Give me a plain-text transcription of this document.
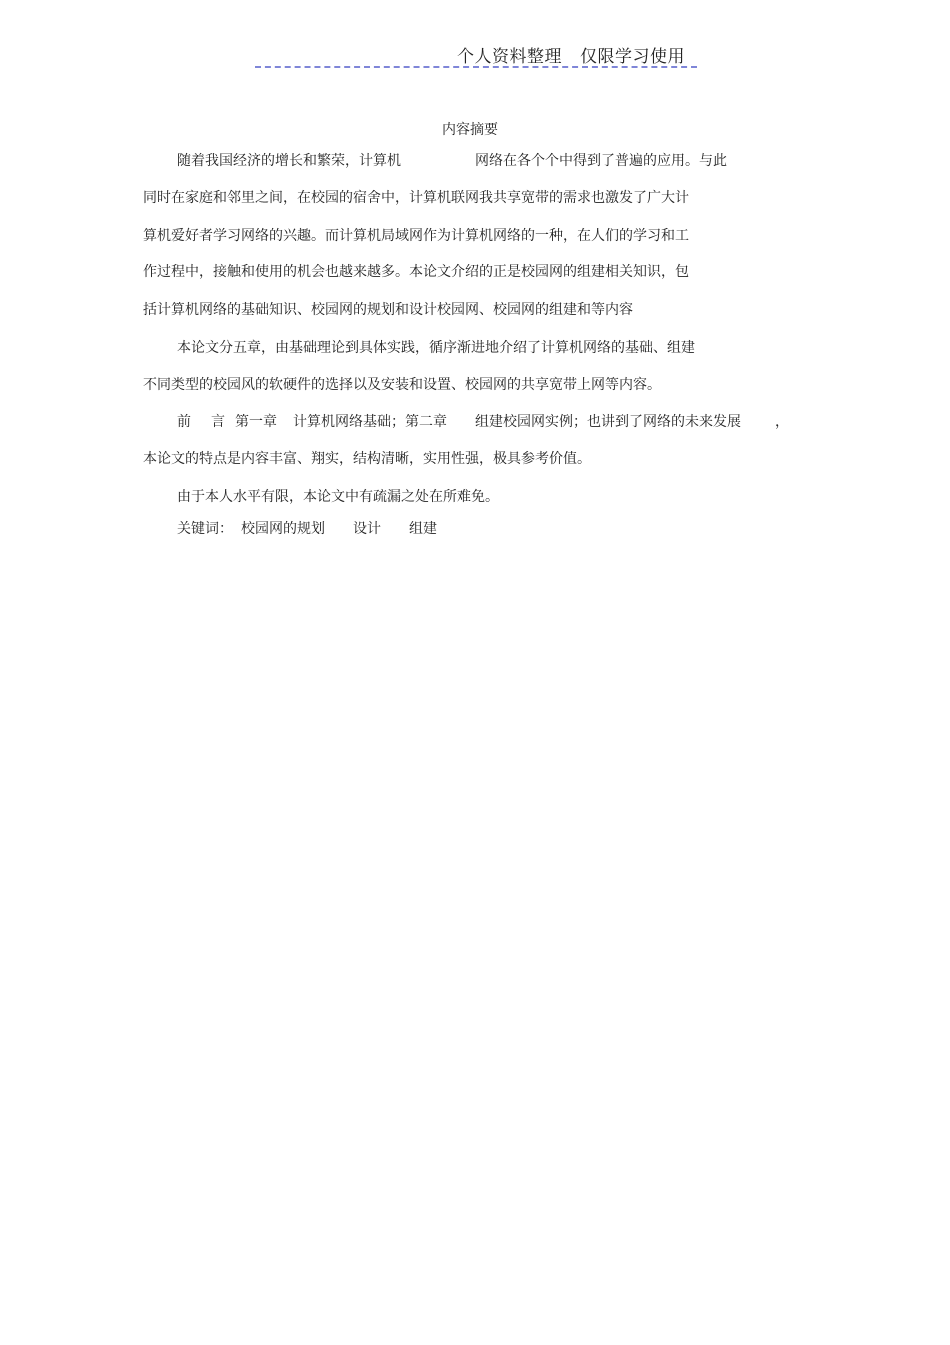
个人资料整理 仅限学习使用
内容摘要
随着我国经济的增长和繁荣，计算机	网络在各个个中得到了普遍的应用。与此
同时在家庭和邻里之间，在校园的宿舍中，计算机联网我共享宽带的需求也激发了广大计
算机爱好者学习网络的兴趣。而计算机局域网作为计算机网络的一种，在人们的学习和工
作过程中，接触和使用的机会也越来越多。本论文介绍的正是校园网的组建相关知识，包
括计算机网络的基础知识、校园网的规划和设计校园网、校园网的组建和等内容
本论文分五章，由基础理论到具体实践，循序渐进地介绍了计算机网络的基础、组建
不同类型的校园风的软硬件的选择以及安装和设置、校园网的共享宽带上网等内容。
前 言 第一章 计算机网络基础；第二章 组建校园网实例；也讲到了网络的未来发展 ，
本论文的特点是内容丰富、翔实，结构清晰，实用性强，极具参考价值。
由于本人水平有限，本论文中有疏漏之处在所难免。
关键词： 校园网的规划 设计 组建
